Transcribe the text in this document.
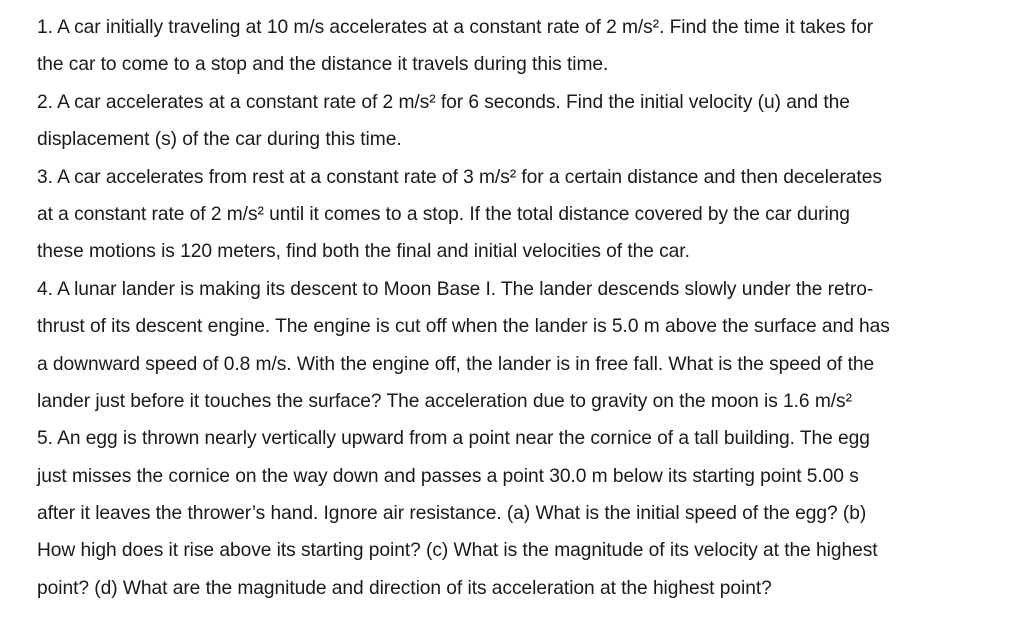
1. A car initially traveling at 10 m/s accelerates at a constant rate of 2 m/s². Find the time it takes for
the car to come to a stop and the distance it travels during this time.
2. A car accelerates at a constant rate of 2 m/s² for 6 seconds. Find the initial velocity (u) and the
displacement (s) of the car during this time.
3. A car accelerates from rest at a constant rate of 3 m/s² for a certain distance and then decelerates
at a constant rate of 2 m/s² until it comes to a stop. If the total distance covered by the car during
these motions is 120 meters, find both the final and initial velocities of the car.
4. A lunar lander is making its descent to Moon Base I. The lander descends slowly under the retro-
thrust of its descent engine. The engine is cut off when the lander is 5.0 m above the surface and has
a downward speed of 0.8 m/s. With the engine off, the lander is in free fall. What is the speed of the
lander just before it touches the surface? The acceleration due to gravity on the moon is 1.6 m/s²
5. An egg is thrown nearly vertically upward from a point near the cornice of a tall building. The egg
just misses the cornice on the way down and passes a point 30.0 m below its starting point 5.00 s
after it leaves the thrower’s hand. Ignore air resistance. (a) What is the initial speed of the egg? (b)
How high does it rise above its starting point? (c) What is the magnitude of its velocity at the highest
point? (d) What are the magnitude and direction of its acceleration at the highest point?
